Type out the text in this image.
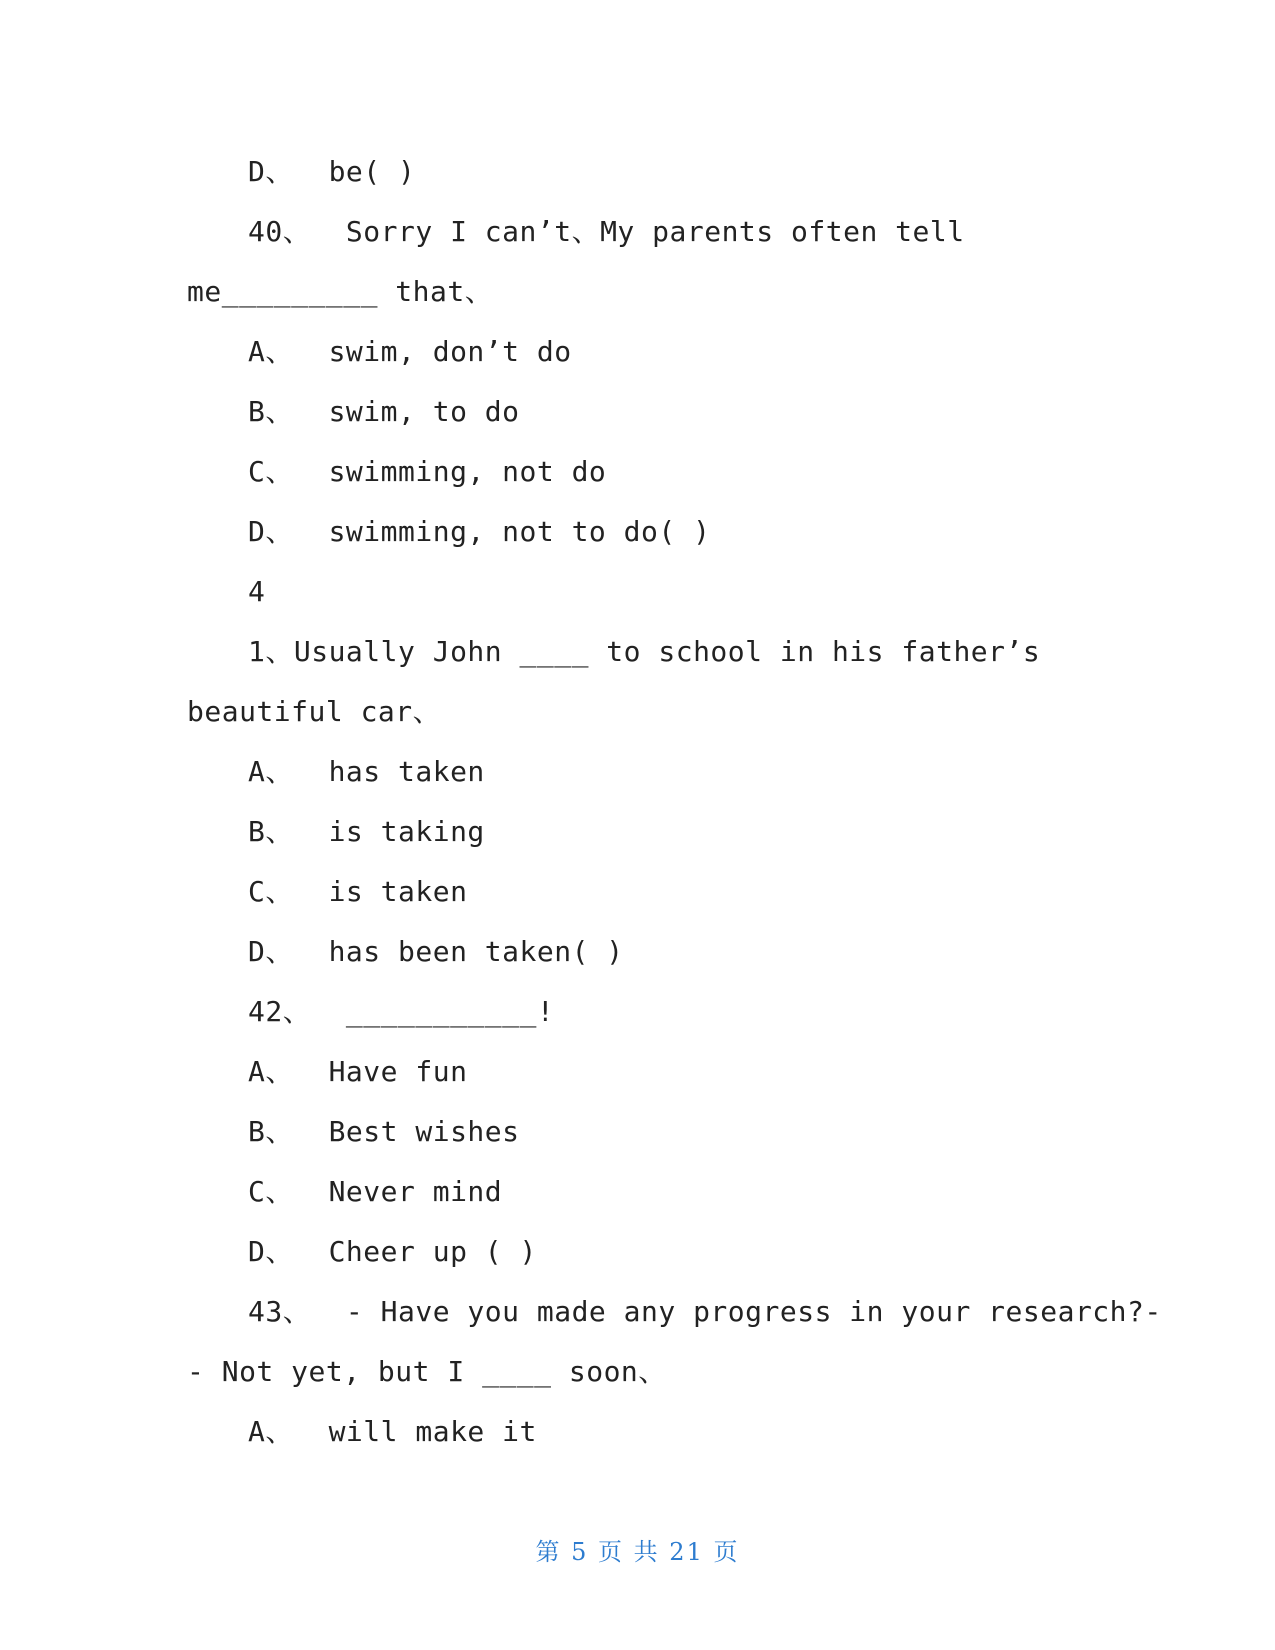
D、  be( )
40、  Sorry I can’t、My parents often tell
me_________ that、
A、  swim, don’t do
B、  swim, to do
C、  swimming, not do
D、  swimming, not to do( )
4
1、Usually John ____ to school in his father’s
beautiful car、
A、  has taken
B、  is taking
C、  is taken
D、  has been taken( )
42、  ___________!
A、  Have fun
B、  Best wishes
C、  Never mind
D、  Cheer up ( )
43、  - Have you made any progress in your research?-
- Not yet, but I ____ soon、
A、  will make it
第 5 页 共 21 页
